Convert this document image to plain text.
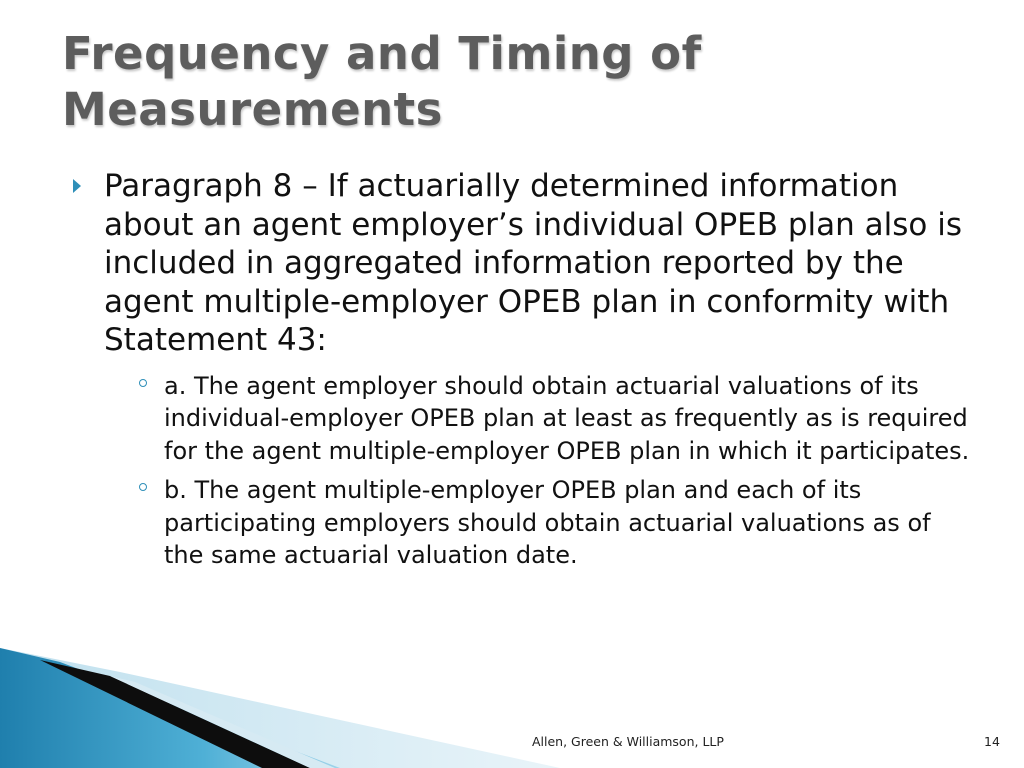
Frequency and Timing of Measurements

Paragraph 8 – If actuarially determined information about an agent employer’s individual OPEB plan also is included in aggregated information reported by the agent multiple-employer OPEB plan in conformity with Statement 43:

a. The agent employer should obtain actuarial valuations of its individual-employer OPEB plan at least as frequently as is required for the agent multiple-employer OPEB plan in which it participates.

b. The agent multiple-employer OPEB plan and each of its participating employers should obtain actuarial valuations as of the same actuarial valuation date.

Allen, Green & Williamson, LLP	14
